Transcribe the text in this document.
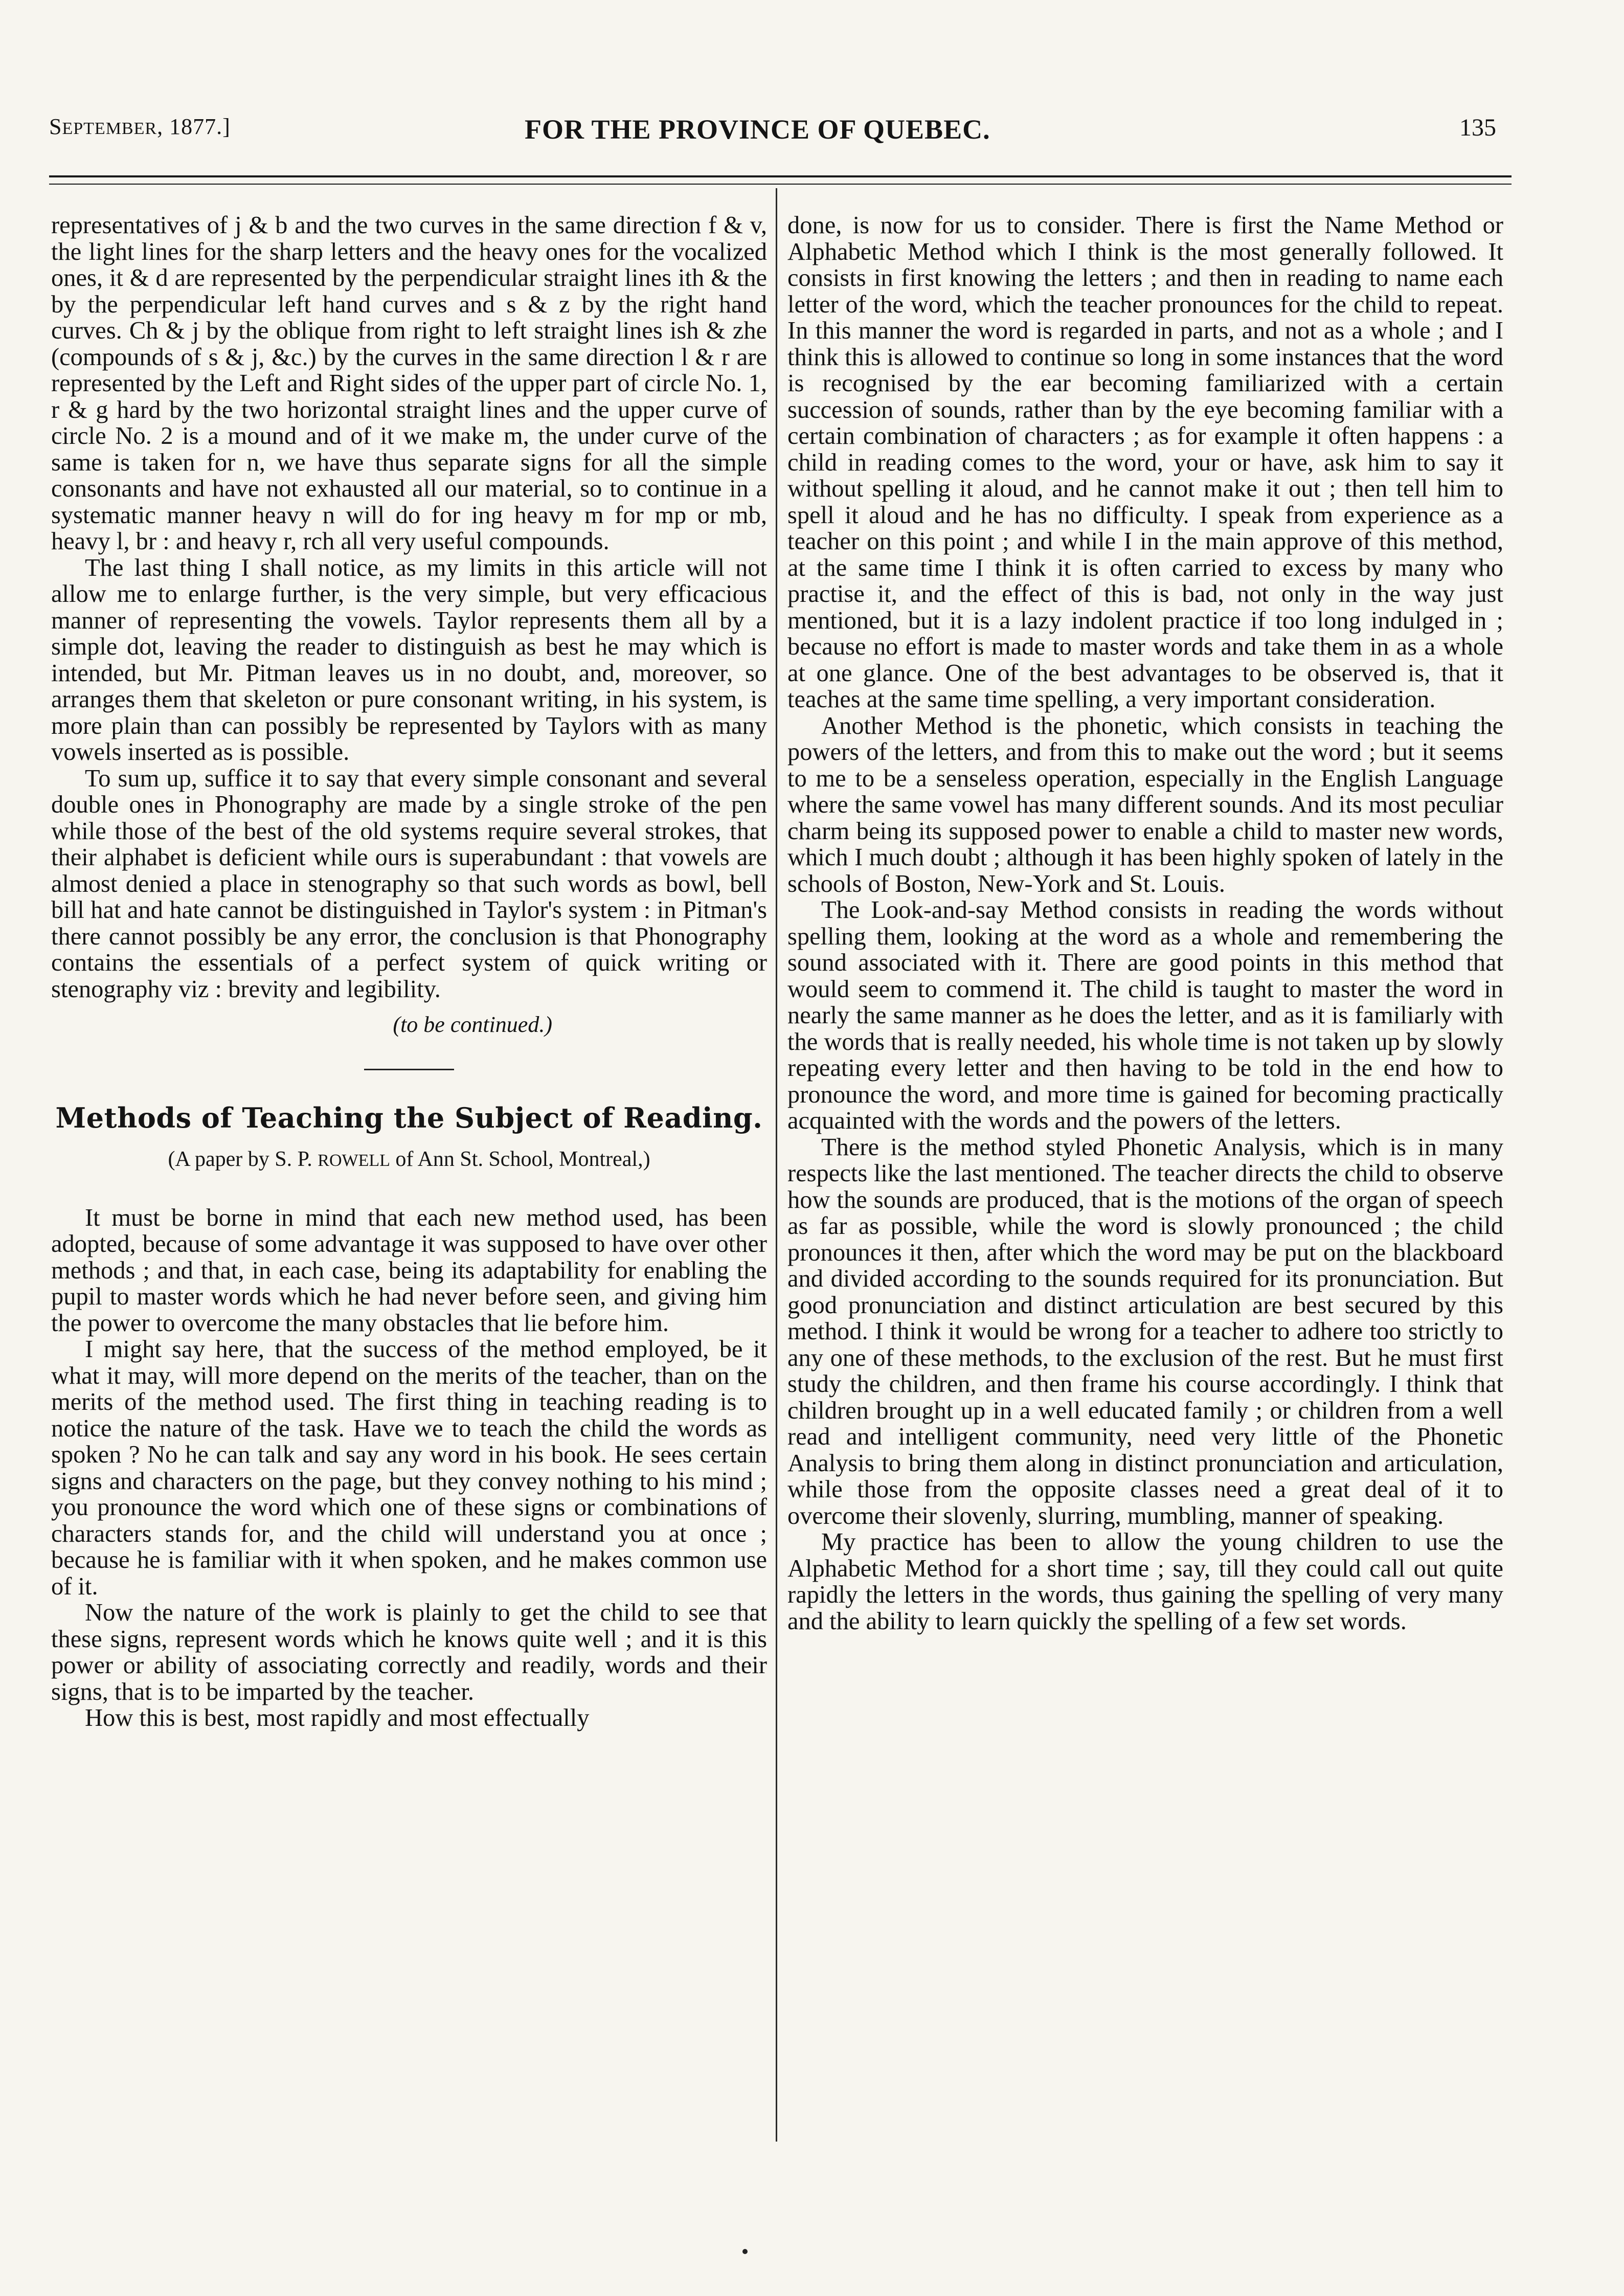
SEPTEMBER, 1877.]	FOR THE PROVINCE OF QUEBEC.	135

representatives of j & b and the two curves in the same direction f & v, the light lines for the sharp letters and the heavy ones for the vocalized ones, it & d are represented by the perpendicular straight lines ith & the by the perpendicular left hand curves and s & z by the right hand curves. Ch & j by the oblique from right to left straight lines ish & zhe (compounds of s & j, &c.) by the curves in the same direction l & r are represented by the Left and Right sides of the upper part of circle No. 1, r & g hard by the two horizontal straight lines and the upper curve of circle No. 2 is a mound and of it we make m, the under curve of the same is taken for n, we have thus separate signs for all the simple consonants and have not exhausted all our material, so to continue in a systematic manner heavy n will do for ing heavy m for mp or mb, heavy l, br : and heavy r, rch all very useful compounds.

The last thing I shall notice, as my limits in this article will not allow me to enlarge further, is the very simple, but very efficacious manner of representing the vowels. Taylor represents them all by a simple dot, leaving the reader to distinguish as best he may which is intended, but Mr. Pitman leaves us in no doubt, and, moreover, so arranges them that skeleton or pure consonant writing, in his system, is more plain than can possibly be represented by Taylors with as many vowels inserted as is possible.

To sum up, suffice it to say that every simple consonant and several double ones in Phonography are made by a single stroke of the pen while those of the best of the old systems require several strokes, that their alphabet is deficient while ours is superabundant : that vowels are almost denied a place in stenography so that such words as bowl, bell bill hat and hate cannot be distinguished in Taylor's system : in Pitman's there cannot possibly be any error, the conclusion is that Phonography contains the essentials of a perfect system of quick writing or stenography viz : brevity and legibility.

(to be continued.)

Methods of Teaching the Subject of Reading.

(A paper by S. P. ROWELL of Ann St. School, Montreal,)

It must be borne in mind that each new method used, has been adopted, because of some advantage it was supposed to have over other methods ; and that, in each case, being its adaptability for enabling the pupil to master words which he had never before seen, and giving him the power to overcome the many obstacles that lie before him.

I might say here, that the success of the method employed, be it what it may, will more depend on the merits of the teacher, than on the merits of the method used. The first thing in teaching reading is to notice the nature of the task. Have we to teach the child the words as spoken ? No he can talk and say any word in his book. He sees certain signs and characters on the page, but they convey nothing to his mind ; you pronounce the word which one of these signs or combinations of characters stands for, and the child will understand you at once ; because he is familiar with it when spoken, and he makes common use of it.

Now the nature of the work is plainly to get the child to see that these signs, represent words which he knows quite well ; and it is this power or ability of associating correctly and readily, words and their signs, that is to be imparted by the teacher.

How this is best, most rapidly and most effectually

done, is now for us to consider. There is first the Name Method or Alphabetic Method which I think is the most generally followed. It consists in first knowing the letters ; and then in reading to name each letter of the word, which the teacher pronounces for the child to repeat. In this manner the word is regarded in parts, and not as a whole ; and I think this is allowed to continue so long in some instances that the word is recognised by the ear becoming familiarized with a certain succession of sounds, rather than by the eye becoming familiar with a certain combination of characters ; as for example it often happens : a child in reading comes to the word, your or have, ask him to say it without spelling it aloud, and he cannot make it out ; then tell him to spell it aloud and he has no difficulty. I speak from experience as a teacher on this point ; and while I in the main approve of this method, at the same time I think it is often carried to excess by many who practise it, and the effect of this is bad, not only in the way just mentioned, but it is a lazy indolent practice if too long indulged in ; because no effort is made to master words and take them in as a whole at one glance. One of the best advantages to be observed is, that it teaches at the same time spelling, a very important consideration.

Another Method is the phonetic, which consists in teaching the powers of the letters, and from this to make out the word ; but it seems to me to be a senseless operation, especially in the English Language where the same vowel has many different sounds. And its most peculiar charm being its supposed power to enable a child to master new words, which I much doubt ; although it has been highly spoken of lately in the schools of Boston, New-York and St. Louis.

The Look-and-say Method consists in reading the words without spelling them, looking at the word as a whole and remembering the sound associated with it. There are good points in this method that would seem to commend it. The child is taught to master the word in nearly the same manner as he does the letter, and as it is familiarly with the words that is really needed, his whole time is not taken up by slowly repeating every letter and then having to be told in the end how to pronounce the word, and more time is gained for becoming practically acquainted with the words and the powers of the letters.

There is the method styled Phonetic Analysis, which is in many respects like the last mentioned. The teacher directs the child to observe how the sounds are produced, that is the motions of the organ of speech as far as possible, while the word is slowly pronounced ; the child pronounces it then, after which the word may be put on the blackboard and divided according to the sounds required for its pronunciation. But good pronunciation and distinct articulation are best secured by this method. I think it would be wrong for a teacher to adhere too strictly to any one of these methods, to the exclusion of the rest. But he must first study the children, and then frame his course accordingly. I think that children brought up in a well educated family ; or children from a well read and intelligent community, need very little of the Phonetic Analysis to bring them along in distinct pronunciation and articulation, while those from the opposite classes need a great deal of it to overcome their slovenly, slurring, mumbling, manner of speaking.

My practice has been to allow the young children to use the Alphabetic Method for a short time ; say, till they could call out quite rapidly the letters in the words, thus gaining the spelling of very many and the ability to learn quickly the spelling of a few set words.
